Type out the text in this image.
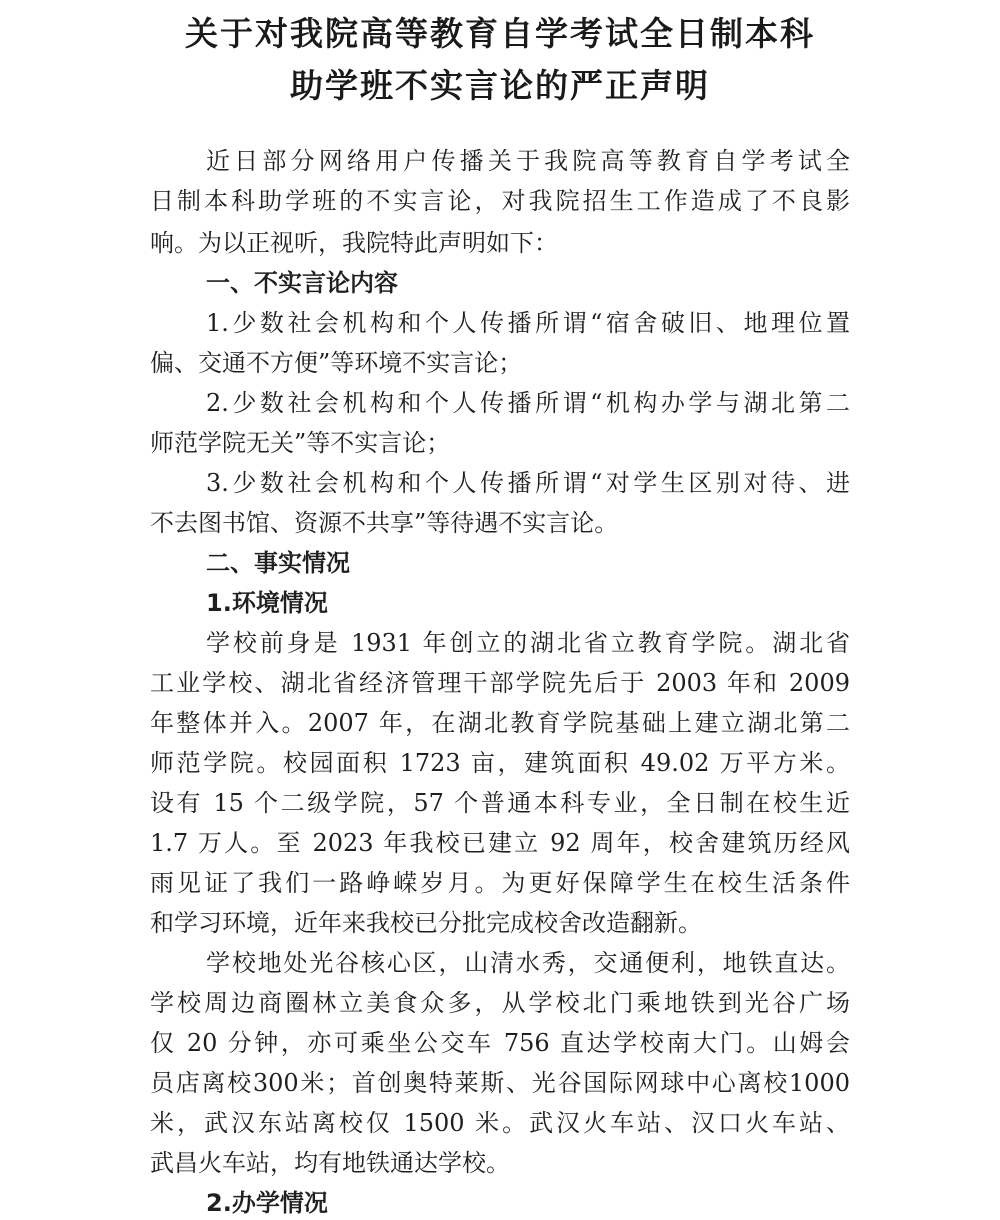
关于对我院高等教育自学考试全日制本科
助学班不实言论的严正声明
近日部分网络用户传播关于我院高等教育自学考试全
日制本科助学班的不实言论，对我院招生工作造成了不良影
响。为以正视听，我院特此声明如下：
一、不实言论内容
1.少数社会机构和个人传播所谓“宿舍破旧、地理位置
偏、交通不方便”等环境不实言论；
2.少数社会机构和个人传播所谓“机构办学与湖北第二
师范学院无关”等不实言论；
3.少数社会机构和个人传播所谓“对学生区别对待、进
不去图书馆、资源不共享”等待遇不实言论。
二、事实情况
1.环境情况
学校前身是 1931 年创立的湖北省立教育学院。湖北省
工业学校、湖北省经济管理干部学院先后于 2003 年和 2009
年整体并入。2007 年，在湖北教育学院基础上建立湖北第二
师范学院。校园面积 1723 亩，建筑面积 49.02 万平方米。
设有 15 个二级学院，57 个普通本科专业，全日制在校生近
1.7 万人。至 2023 年我校已建立 92 周年，校舍建筑历经风
雨见证了我们一路峥嵘岁月。为更好保障学生在校生活条件
和学习环境，近年来我校已分批完成校舍改造翻新。
学校地处光谷核心区，山清水秀，交通便利，地铁直达。
学校周边商圈林立美食众多，从学校北门乘地铁到光谷广场
仅 20 分钟，亦可乘坐公交车 756 直达学校南大门。山姆会
员店离校300米；首创奥特莱斯、光谷国际网球中心离校1000
米，武汉东站离校仅 1500 米。武汉火车站、汉口火车站、
武昌火车站，均有地铁通达学校。
2.办学情况
